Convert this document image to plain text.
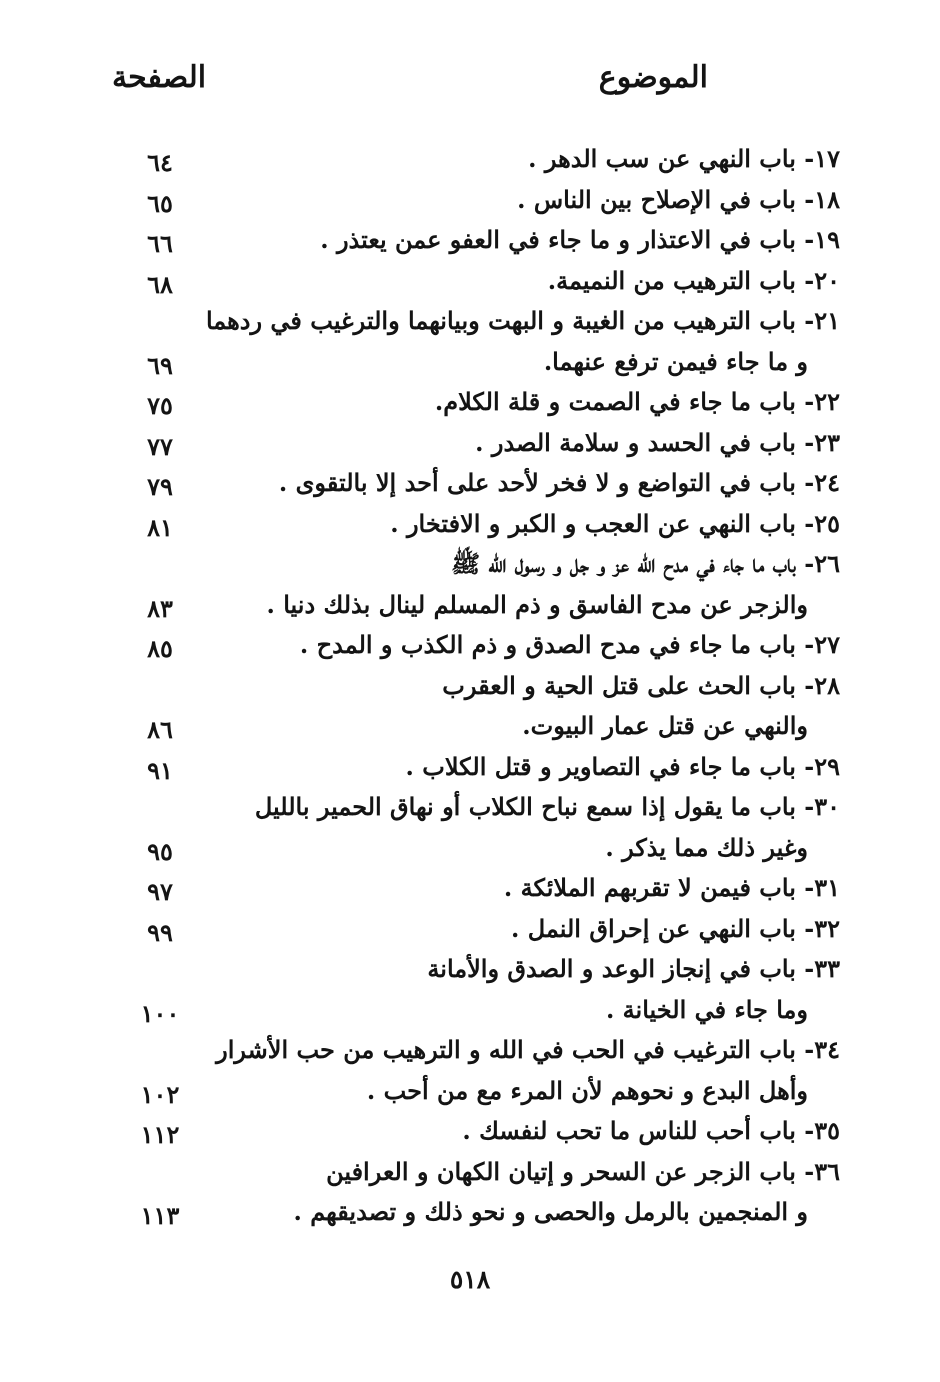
الموضوع
الصفحة
١٧- باب النهي عن سب الدهر .
٦٤
١٨- باب في الإصلاح بين الناس .
٦٥
١٩- باب في الاعتذار و ما جاء في العفو عمن يعتذر .
٦٦
٢٠- باب الترهيب من النميمة.
٦٨
٢١- باب الترهيب من الغيبة و البهت وبيانهما والترغيب في ردهما
و ما جاء فيمن ترفع عنهما.
٦٩
٢٢- باب ما جاء في الصمت و قلة الكلام.
٧٥
٢٣- باب في الحسد و سلامة الصدر .
٧٧
٢٤- باب في التواضع و لا فخر لأحد على أحد إلا بالتقوى .
٧٩
٢٥- باب النهي عن العجب و الكبر و الافتخار .
٨١
٢٦- باب ما جاء في مدح الله عز و جل و رسول الله ﷺ
والزجر عن مدح الفاسق و ذم المسلم لينال بذلك دنيا .
٨٣
٢٧- باب ما جاء في مدح الصدق و ذم الكذب و المدح .
٨٥
٢٨- باب الحث على قتل الحية و العقرب
والنهي عن قتل عمار البيوت.
٨٦
٢٩- باب ما جاء في التصاوير و قتل الكلاب .
٩١
٣٠- باب ما يقول إذا سمع نباح الكلاب أو نهاق الحمير بالليل
وغير ذلك مما يذكر .
٩٥
٣١- باب فيمن لا تقربهم الملائكة .
٩٧
٣٢- باب النهي عن إحراق النمل .
٩٩
٣٣- باب في إنجاز الوعد و الصدق والأمانة
وما جاء في الخيانة .
١٠٠
٣٤- باب الترغيب في الحب في الله و الترهيب من حب الأشرار
وأهل البدع و نحوهم لأن المرء مع من أحب .
١٠٢
٣٥- باب أحب للناس ما تحب لنفسك .
١١٢
٣٦- باب الزجر عن السحر و إتيان الكهان و العرافين
و المنجمين بالرمل والحصى و نحو ذلك و تصديقهم .
١١٣
٥١٨
